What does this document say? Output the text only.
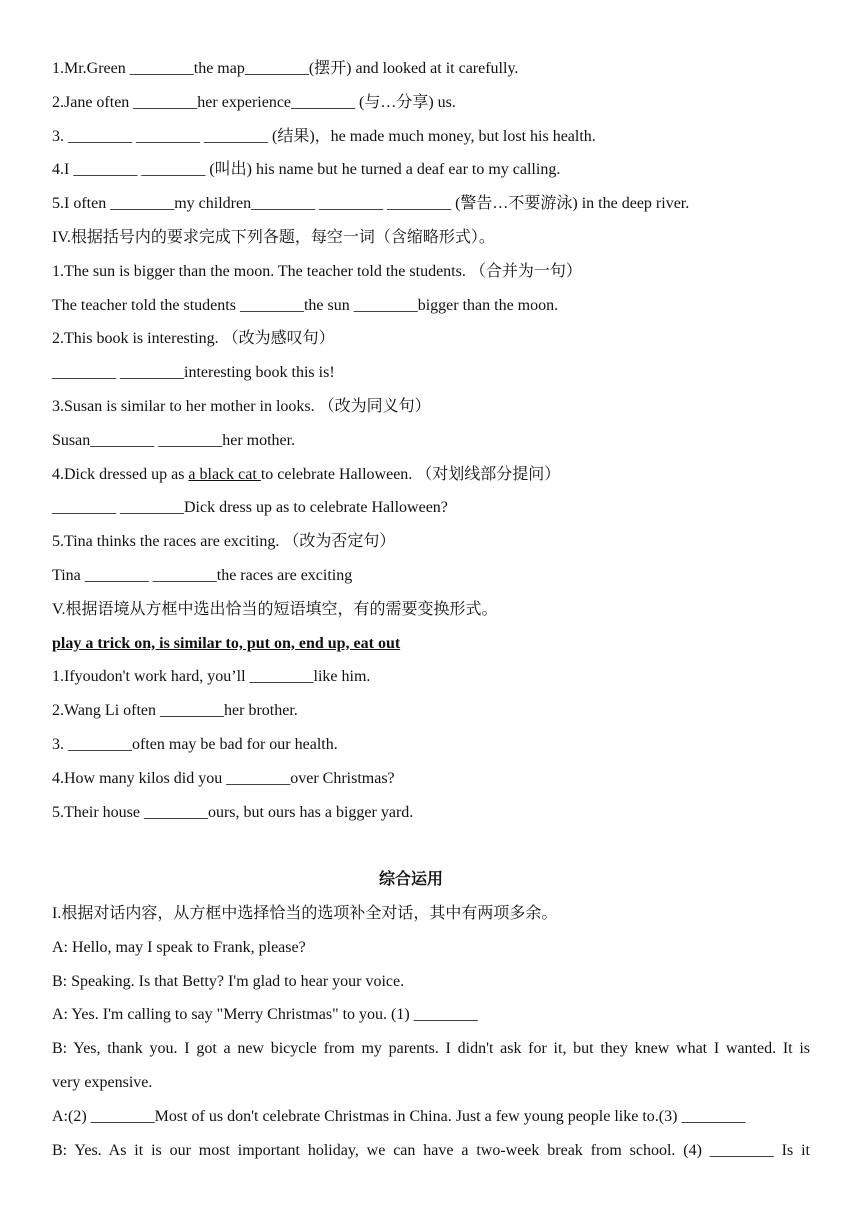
1.Mr.Green ________the map________(摆开) and looked at it carefully.
2.Jane often ________her experience________ (与…分享) us.
3. ________ ________ ________ (结果)，he made much money, but lost his health.
4.I ________ ________ (叫出) his name but he turned a deaf ear to my calling.
5.I often ________my children________ ________ ________ (警告…不要游泳) in the deep river.
IV.根据括号内的要求完成下列各题，每空一词（含缩略形式）。
1.The sun is bigger than the moon. The teacher told the students. （合并为一句）
The teacher told the students ________the sun ________bigger than the moon.
2.This book is interesting. （改为感叹句）
________ ________interesting book this is!
3.Susan is similar to her mother in looks. （改为同义句）
Susan________ ________her mother.
4.Dick dressed up as a black cat to celebrate Halloween. （对划线部分提问）
________ ________Dick dress up as to celebrate Halloween?
5.Tina thinks the races are exciting. （改为否定句）
Tina ________ ________the races are exciting
V.根据语境从方框中选出恰当的短语填空，有的需要变换形式。
play a trick on, is similar to, put on, end up, eat out
1.Ifyoudon't work hard, you’ll ________like him.
2.Wang Li often ________her brother.
3. ________often may be bad for our health.
4.How many kilos did you ________over Christmas?
5.Their house ________ours, but ours has a bigger yard.
综合运用
I.根据对话内容，从方框中选择恰当的选项补全对话，其中有两项多余。
A: Hello, may I speak to Frank, please?
B: Speaking. Is that Betty? I'm glad to hear your voice.
A: Yes. I'm calling to say "Merry Christmas" to you. (1) ________
B: Yes, thank you. I got a new bicycle from my parents. I didn't ask for it, but they knew what I wanted. It is
very expensive.
A:(2) ________Most of us don't celebrate Christmas in China. Just a few young people like to.(3) ________
B: Yes. As it is our most important holiday, we can have a two-week break from school. (4) ________ Is it
